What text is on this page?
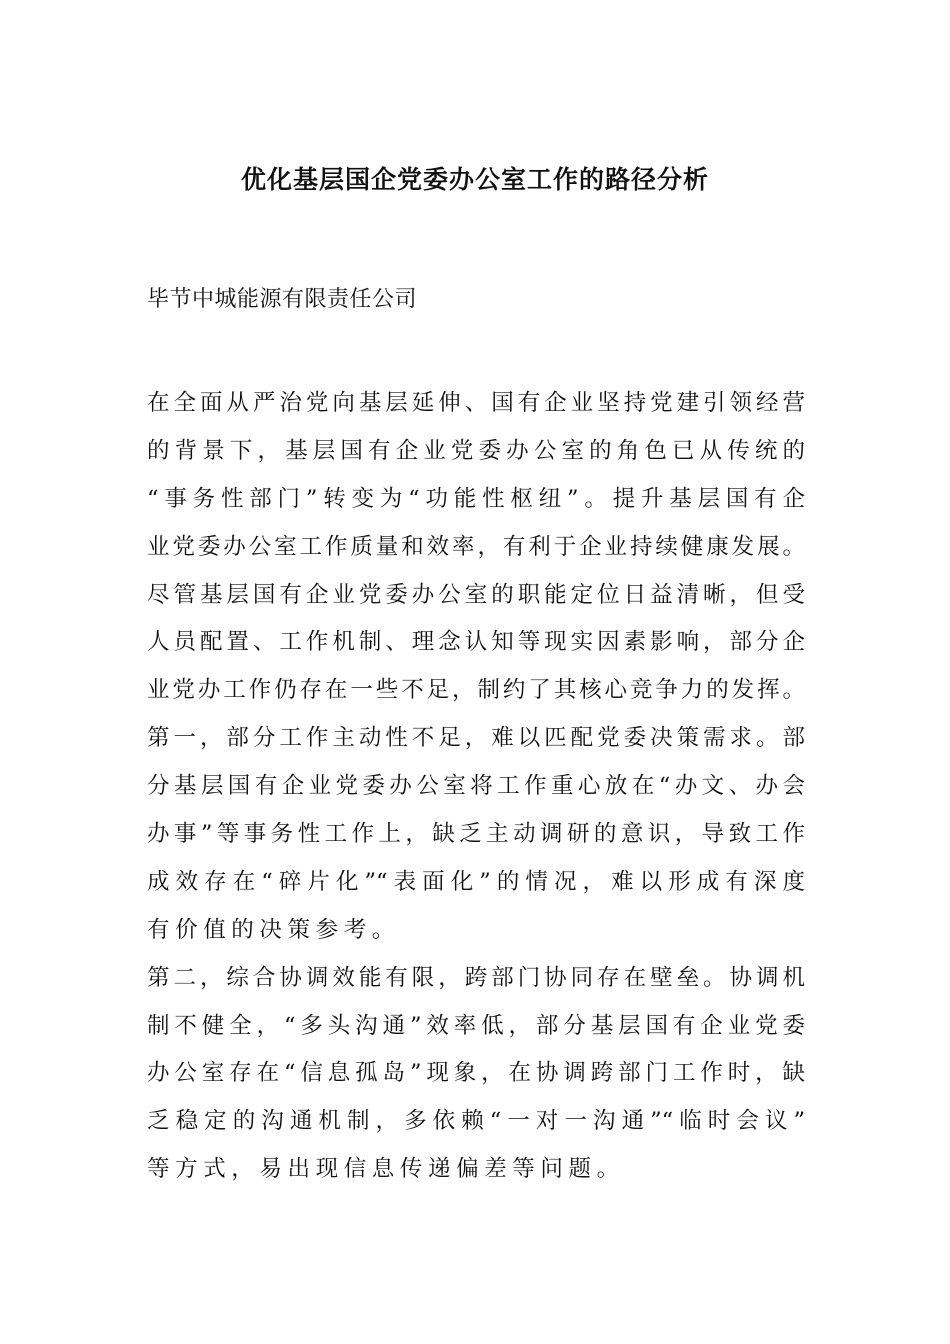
优化基层国企党委办公室工作的路径分析
毕节中城能源有限责任公司
在全面从严治党向基层延伸、国有企业坚持党建引领经营
的背景下，基层国有企业党委办公室的角色已从传统的
“事务性部门”转变为“功能性枢纽”。提升基层国有企
业党委办公室工作质量和效率，有利于企业持续健康发展。
尽管基层国有企业党委办公室的职能定位日益清晰，但受
人员配置、工作机制、理念认知等现实因素影响，部分企
业党办工作仍存在一些不足，制约了其核心竞争力的发挥。
第一，部分工作主动性不足，难以匹配党委决策需求。部
分基层国有企业党委办公室将工作重心放在“办文、办会
办事”等事务性工作上，缺乏主动调研的意识，导致工作
成效存在“碎片化”“表面化”的情况，难以形成有深度
有价值的决策参考。
第二，综合协调效能有限，跨部门协同存在壁垒。协调机
制不健全，“多头沟通”效率低，部分基层国有企业党委
办公室存在“信息孤岛”现象，在协调跨部门工作时，缺
乏稳定的沟通机制，多依赖“一对一沟通”“临时会议”
等方式，易出现信息传递偏差等问题。
